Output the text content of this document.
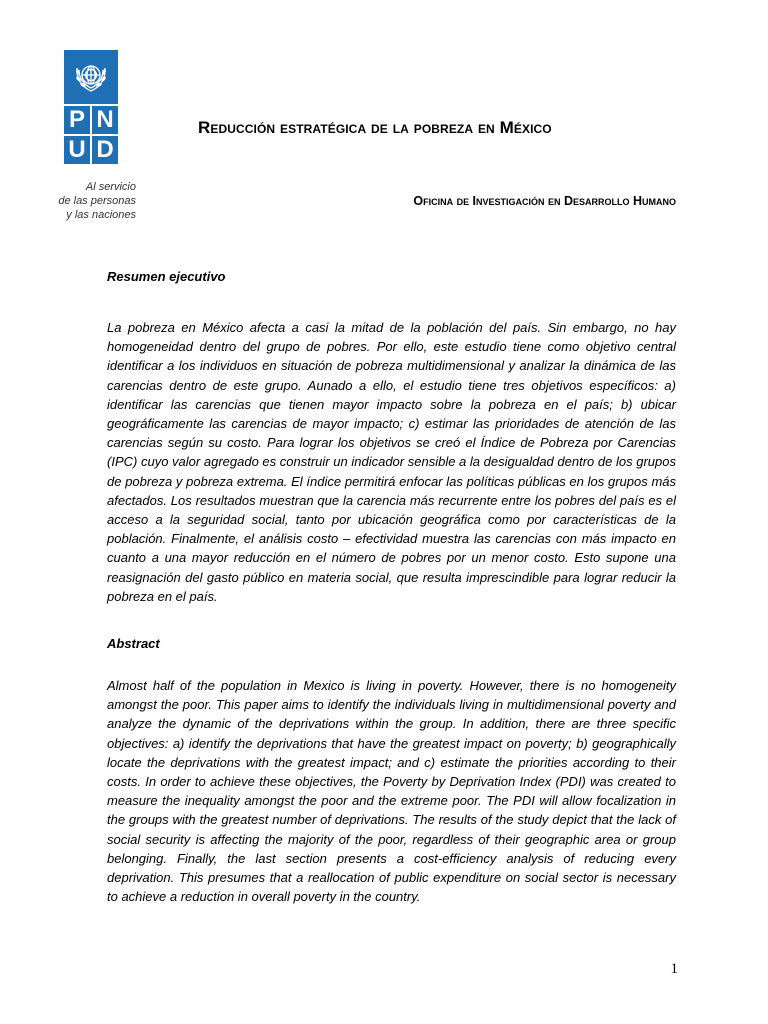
P N
U D
Al servicio
de las personas
y las naciones
Reducción estratégica de la pobreza en México
Oficina de Investigación en Desarrollo Humano
Resumen ejecutivo
La pobreza en México afecta a casi la mitad de la población del país. Sin embargo, no hay homogeneidad dentro del grupo de pobres. Por ello, este estudio tiene como objetivo central identificar a los individuos en situación de pobreza multidimensional y analizar la dinámica de las carencias dentro de este grupo. Aunado a ello, el estudio tiene tres objetivos específicos: a) identificar las carencias que tienen mayor impacto sobre la pobreza en el país; b) ubicar geográficamente las carencias de mayor impacto; c) estimar las prioridades de atención de las carencias según su costo. Para lograr los objetivos se creó el Índice de Pobreza por Carencias (IPC) cuyo valor agregado es construir un indicador sensible a la desigualdad dentro de los grupos de pobreza y pobreza extrema. El índice permitirá enfocar las políticas públicas en los grupos más afectados. Los resultados muestran que la carencia más recurrente entre los pobres del país es el acceso a la seguridad social, tanto por ubicación geográfica como por características de la población. Finalmente, el análisis costo – efectividad muestra las carencias con más impacto en cuanto a una mayor reducción en el número de pobres por un menor costo. Esto supone una reasignación del gasto público en materia social, que resulta imprescindible para lograr reducir la pobreza en el país.
Abstract
Almost half of the population in Mexico is living in poverty. However, there is no homogeneity amongst the poor. This paper aims to identify the individuals living in multidimensional poverty and analyze the dynamic of the deprivations within the group. In addition, there are three specific objectives: a) identify the deprivations that have the greatest impact on poverty; b) geographically locate the deprivations with the greatest impact; and c) estimate the priorities according to their costs. In order to achieve these objectives, the Poverty by Deprivation Index (PDI) was created to measure the inequality amongst the poor and the extreme poor. The PDI will allow focalization in the groups with the greatest number of deprivations. The results of the study depict that the lack of social security is affecting the majority of the poor, regardless of their geographic area or group belonging. Finally, the last section presents a cost-efficiency analysis of reducing every deprivation. This presumes that a reallocation of public expenditure on social sector is necessary to achieve a reduction in overall poverty in the country.
1
